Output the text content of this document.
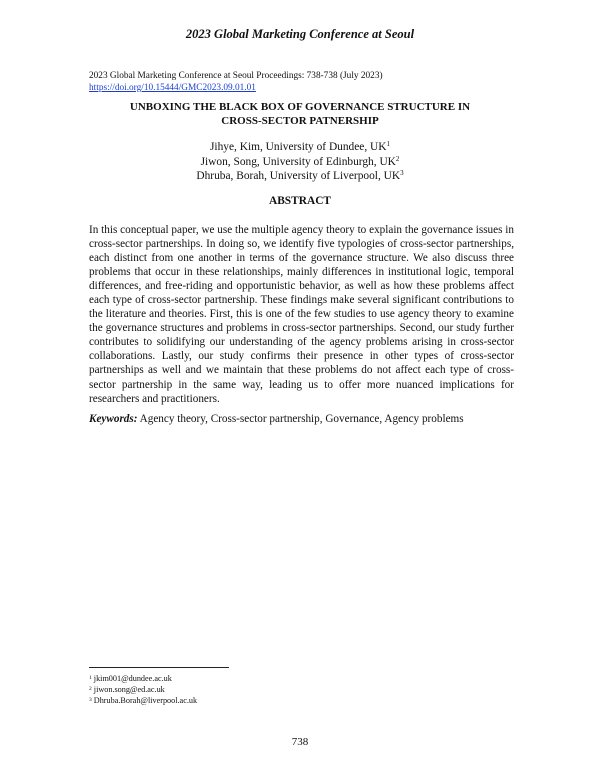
2023 Global Marketing Conference at Seoul
2023 Global Marketing Conference at Seoul Proceedings: 738-738 (July 2023)
https://doi.org/10.15444/GMC2023.09.01.01
UNBOXING THE BLACK BOX OF GOVERNANCE STRUCTURE IN
CROSS-SECTOR PATNERSHIP
Jihye, Kim, University of Dundee, $UK^1$
Jiwon, Song, University of Edinburgh, $UK^2$
Dhruba, Borah, University of Liverpool, $UK^3$
ABSTRACT

In this conceptual paper, we use the multiple agency theory to explain the governance issues in cross-sector partnerships. In doing so, we identify five typologies of cross-sector partnerships, each distinct from one another in terms of the governance structure. We also discuss three problems that occur in these relationships, mainly differences in institutional logic, temporal differences, and free-riding and opportunistic behavior, as well as how these problems affect each type of cross-sector partnership. These findings make several significant contributions to the literature and theories. First, this is one of the few studies to use agency theory to examine the governance structures and problems in cross-sector partnerships. Second, our study further contributes to solidifying our understanding of the agency problems arising in cross-sector collaborations. Lastly, our study confirms their presence in other types of cross-sector partnerships as well and we maintain that these problems do not affect each type of cross-sector partnership in the same way, leading us to offer more nuanced implications for researchers and practitioners.

Keywords: Agency theory, Cross-sector partnership, Governance, Agency problems
$^1$ jkim001@dundee.ac.uk
$^2$ jiwon.song@ed.ac.uk
$^3$ Dhruba.Borah@liverpool.ac.uk
738
